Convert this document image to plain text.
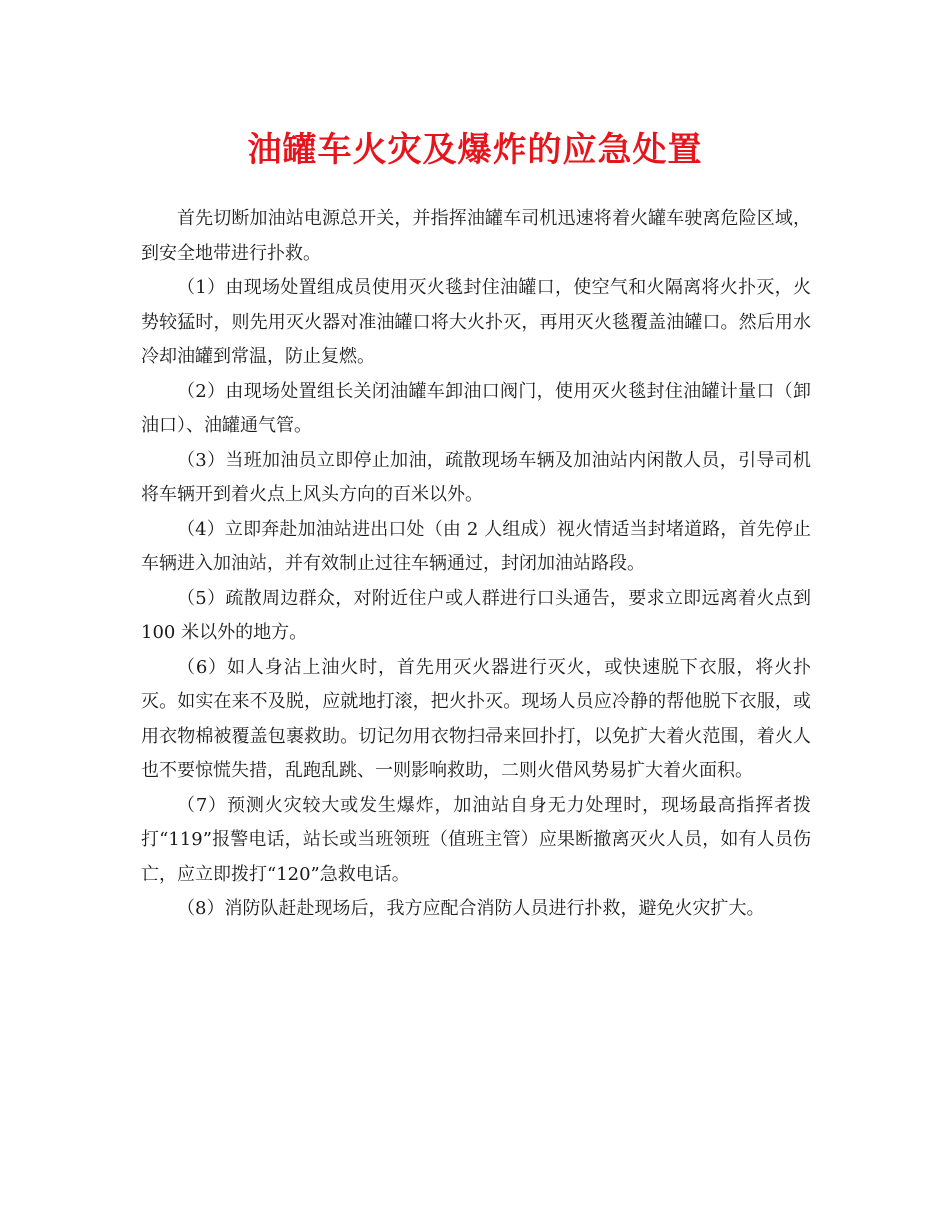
油罐车火灾及爆炸的应急处置

首先切断加油站电源总开关，并指挥油罐车司机迅速将着火罐车驶离危险区域，到安全地带进行扑救。

（1）由现场处置组成员使用灭火毯封住油罐口，使空气和火隔离将火扑灭，火势较猛时，则先用灭火器对准油罐口将大火扑灭，再用灭火毯覆盖油罐口。然后用水冷却油罐到常温，防止复燃。

（2）由现场处置组长关闭油罐车卸油口阀门，使用灭火毯封住油罐计量口（卸油口）、油罐通气管。

（3）当班加油员立即停止加油，疏散现场车辆及加油站内闲散人员，引导司机将车辆开到着火点上风头方向的百米以外。

（4）立即奔赴加油站进出口处（由 2 人组成）视火情适当封堵道路，首先停止车辆进入加油站，并有效制止过往车辆通过，封闭加油站路段。

（5）疏散周边群众，对附近住户或人群进行口头通告，要求立即远离着火点到 100 米以外的地方。

（6）如人身沾上油火时，首先用灭火器进行灭火，或快速脱下衣服，将火扑灭。如实在来不及脱，应就地打滚，把火扑灭。现场人员应冷静的帮他脱下衣服，或用衣物棉被覆盖包裹救助。切记勿用衣物扫帚来回扑打，以免扩大着火范围，着火人也不要惊慌失措，乱跑乱跳、一则影响救助，二则火借风势易扩大着火面积。

（7）预测火灾较大或发生爆炸，加油站自身无力处理时，现场最高指挥者拨打“119”报警电话，站长或当班领班（值班主管）应果断撤离灭火人员，如有人员伤亡，应立即拨打“120”急救电话。

（8）消防队赶赴现场后，我方应配合消防人员进行扑救，避免火灾扩大。
